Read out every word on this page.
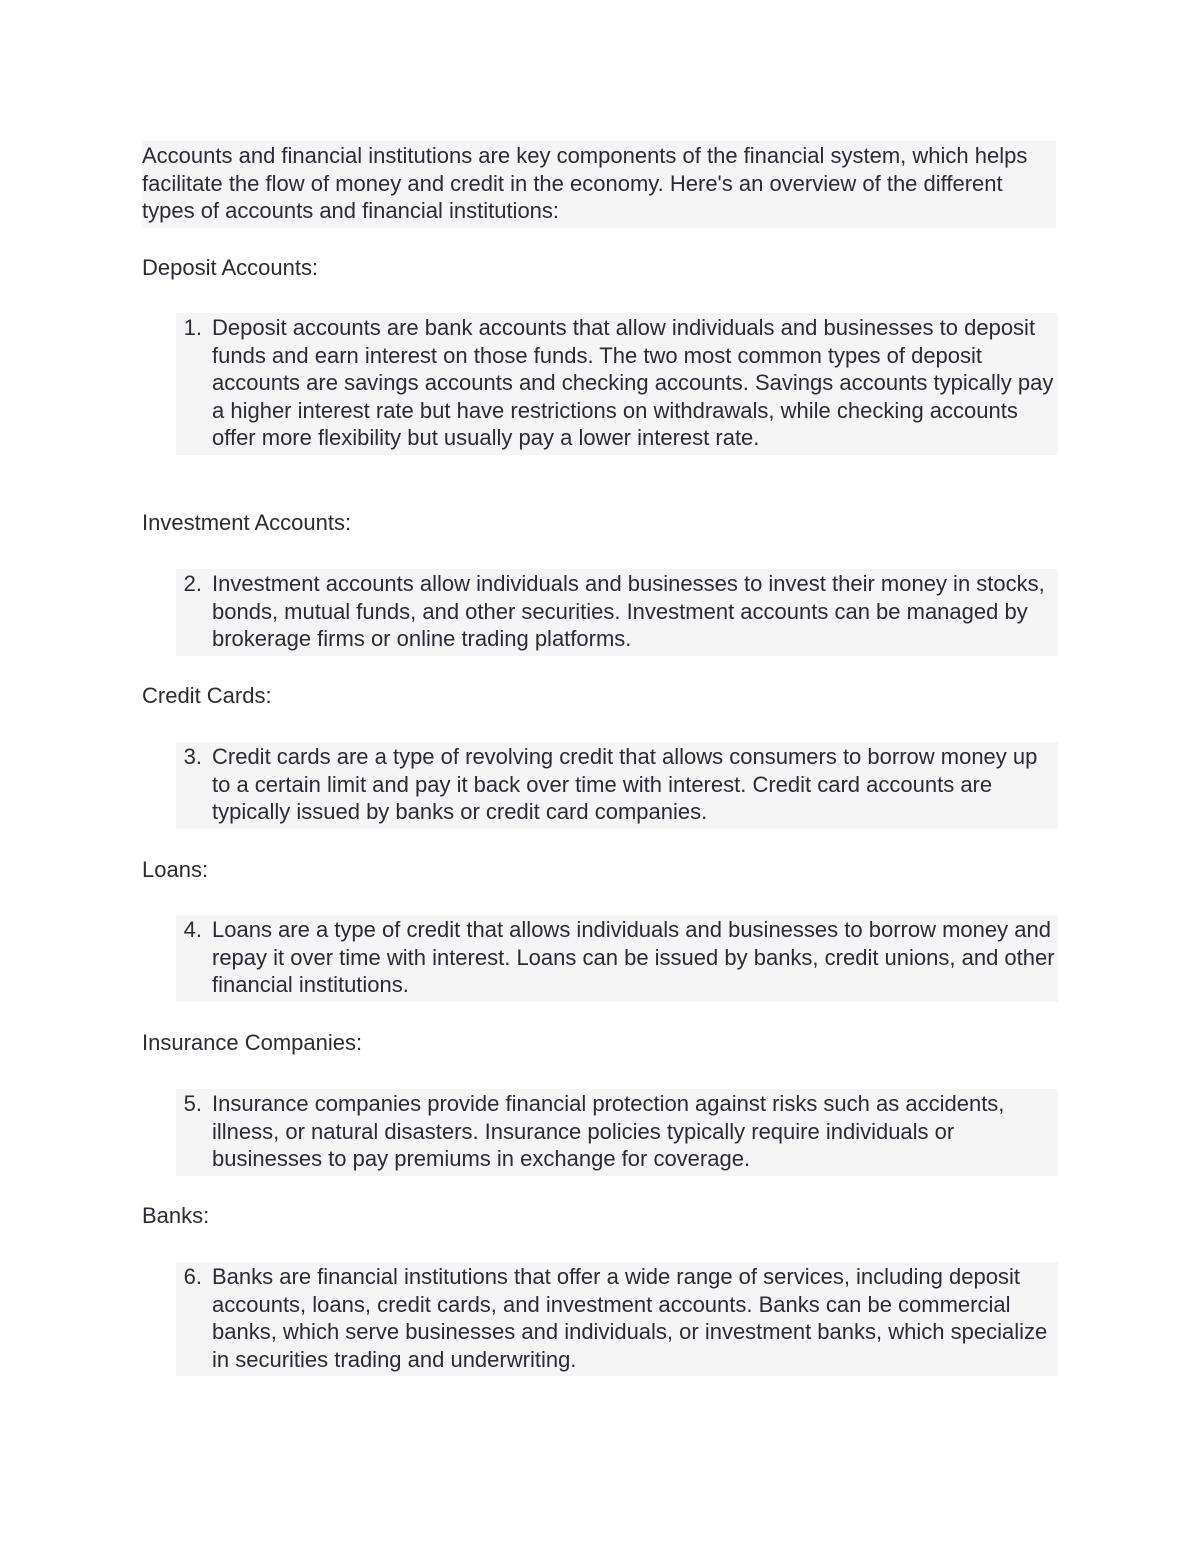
Accounts and financial institutions are key components of the financial system, which helps facilitate the flow of money and credit in the economy. Here's an overview of the different types of accounts and financial institutions:
Deposit Accounts:
1. Deposit accounts are bank accounts that allow individuals and businesses to deposit funds and earn interest on those funds. The two most common types of deposit accounts are savings accounts and checking accounts. Savings accounts typically pay a higher interest rate but have restrictions on withdrawals, while checking accounts offer more flexibility but usually pay a lower interest rate.
Investment Accounts:
2. Investment accounts allow individuals and businesses to invest their money in stocks, bonds, mutual funds, and other securities. Investment accounts can be managed by brokerage firms or online trading platforms.
Credit Cards:
3. Credit cards are a type of revolving credit that allows consumers to borrow money up to a certain limit and pay it back over time with interest. Credit card accounts are typically issued by banks or credit card companies.
Loans:
4. Loans are a type of credit that allows individuals and businesses to borrow money and repay it over time with interest. Loans can be issued by banks, credit unions, and other financial institutions.
Insurance Companies:
5. Insurance companies provide financial protection against risks such as accidents, illness, or natural disasters. Insurance policies typically require individuals or businesses to pay premiums in exchange for coverage.
Banks:
6. Banks are financial institutions that offer a wide range of services, including deposit accounts, loans, credit cards, and investment accounts. Banks can be commercial banks, which serve businesses and individuals, or investment banks, which specialize in securities trading and underwriting.
